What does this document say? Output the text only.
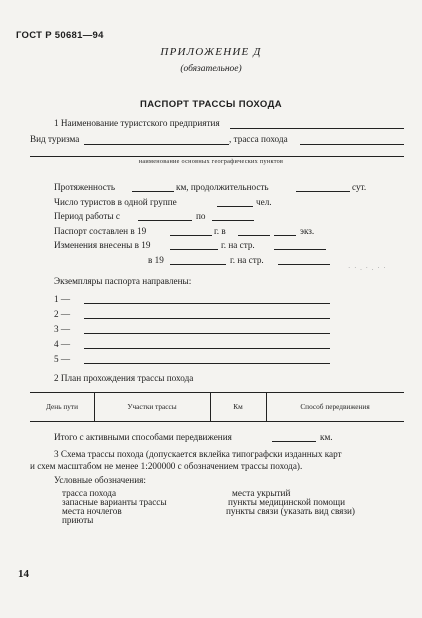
ГОСТ Р 50681—94
ПРИЛОЖЕНИЕ Д
(обязательное)
ПАСПОРТ ТРАССЫ ПОХОДА
1 Наименование туристского предприятия
Вид туризма	, трасса похода
наименование основных географических пунктов
Протяженность	км, продолжительность	сут.
Число туристов в одной группе	чел.
Период работы с	по
Паспорт составлен в 19	г. в	экз.
Изменения внесены в 19	г. на стр.
в 19	г. на стр.
· · . · . · ·
Экземпляры паспорта направлены:
1 —
2 —
3 —
4 —
5 —
2 План прохождения трассы похода
День пути	Участки трассы	Км	Способ передвижения
Итого с активными способами передвижения	км.
3 Схема трассы похода (допускается вклейка типографски изданных карт
и схем масштабом не менее 1:200000 с обозначением трассы похода).
Условные обозначения:
трасса похода
запасные варианты трассы
места ночлегов
приюты
места укрытий
пункты медицинской помощи
пункты связи (указать вид связи)
14
